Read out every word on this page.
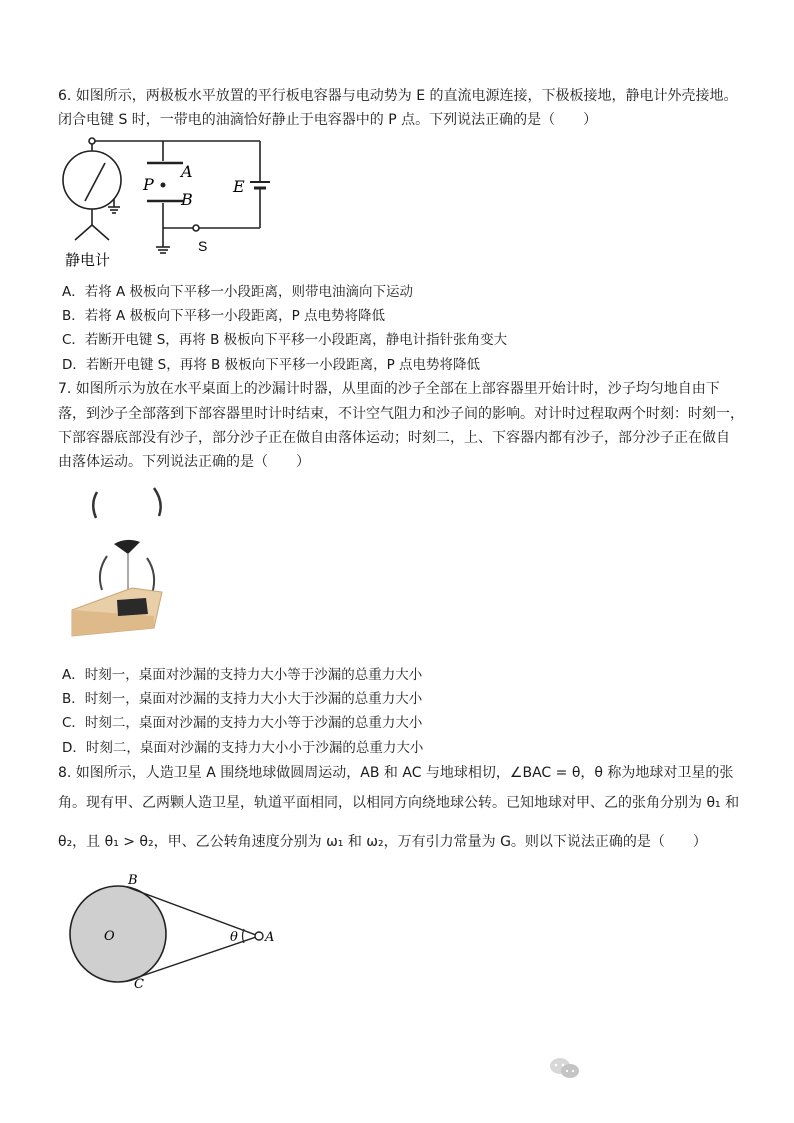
6. 如图所示，两极板水平放置的平行板电容器与电动势为 E 的直流电源连接，下极板接地，静电计外壳接地。
闭合电键 S 时，一带电的油滴恰好静止于电容器中的 P 点。下列说法正确的是（　　）
P
A
B
E
S
静电计
A．若将 A 极板向下平移一小段距离，则带电油滴向下运动
B．若将 A 极板向下平移一小段距离，P 点电势将降低
C．若断开电键 S，再将 B 极板向下平移一小段距离，静电计指针张角变大
D．若断开电键 S，再将 B 极板向下平移一小段距离，P 点电势将降低
7. 如图所示为放在水平桌面上的沙漏计时器，从里面的沙子全部在上部容器里开始计时，沙子均匀地自由下
落，到沙子全部落到下部容器里时计时结束，不计空气阻力和沙子间的影响。对计时过程取两个时刻：时刻一，
下部容器底部没有沙子，部分沙子正在做自由落体运动；时刻二，上、下容器内都有沙子，部分沙子正在做自
由落体运动。下列说法正确的是（　　）
A．时刻一，桌面对沙漏的支持力大小等于沙漏的总重力大小
B．时刻一，桌面对沙漏的支持力大小大于沙漏的总重力大小
C．时刻二，桌面对沙漏的支持力大小等于沙漏的总重力大小
D．时刻二，桌面对沙漏的支持力大小小于沙漏的总重力大小
8. 如图所示，人造卫星 A 围绕地球做圆周运动，AB 和 AC 与地球相切，∠BAC = θ，θ 称为地球对卫星的张
角。现有甲、乙两颗人造卫星，轨道平面相同，以相同方向绕地球公转。已知地球对甲、乙的张角分别为 θ₁ 和
θ₂，且 θ₁ > θ₂，甲、乙公转角速度分别为 ω₁ 和 ω₂，万有引力常量为 G。则以下说法正确的是（　　）
B
O
C
θ A
